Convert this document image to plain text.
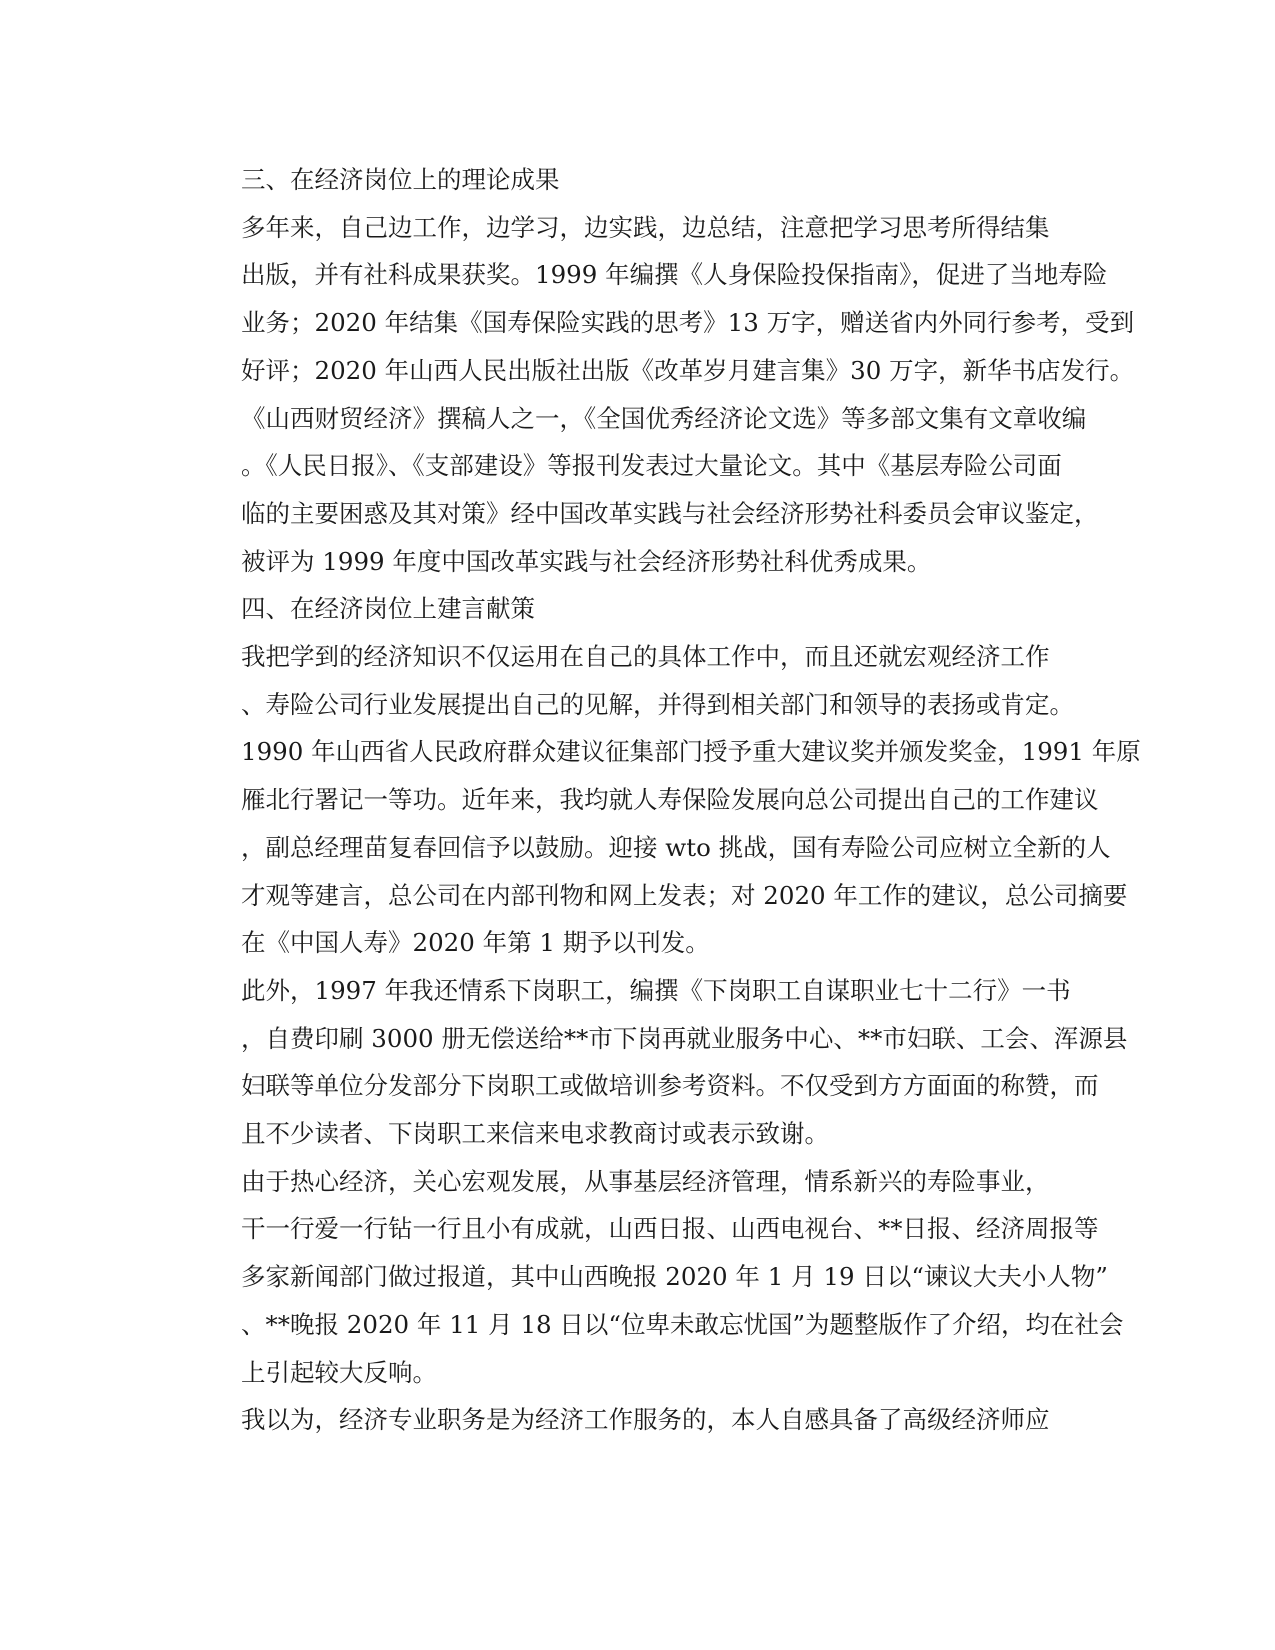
三、在经济岗位上的理论成果

多年来，自己边工作，边学习，边实践，边总结，注意把学习思考所得结集
出版，并有社科成果获奖。1999 年编撰《人身保险投保指南》，促进了当地寿险
业务；2020 年结集《国寿保险实践的思考》13 万字，赠送省内外同行参考，受到
好评；2020 年山西人民出版社出版《改革岁月建言集》30 万字，新华书店发行。
《山西财贸经济》撰稿人之一，《全国优秀经济论文选》等多部文集有文章收编
。《人民日报》、《支部建设》等报刊发表过大量论文。其中《基层寿险公司面
临的主要困惑及其对策》经中国改革实践与社会经济形势社科委员会审议鉴定，
被评为 1999 年度中国改革实践与社会经济形势社科优秀成果。

四、在经济岗位上建言献策

我把学到的经济知识不仅运用在自己的具体工作中，而且还就宏观经济工作
、寿险公司行业发展提出自己的见解，并得到相关部门和领导的表扬或肯定。
1990 年山西省人民政府群众建议征集部门授予重大建议奖并颁发奖金，1991 年原
雁北行署记一等功。近年来，我均就人寿保险发展向总公司提出自己的工作建议
，副总经理苗复春回信予以鼓励。迎接 wto 挑战，国有寿险公司应树立全新的人
才观等建言，总公司在内部刊物和网上发表；对 2020 年工作的建议，总公司摘要
在《中国人寿》2020 年第 1 期予以刊发。

此外，1997 年我还情系下岗职工，编撰《下岗职工自谋职业七十二行》一书
，自费印刷 3000 册无偿送给**市下岗再就业服务中心、**市妇联、工会、浑源县
妇联等单位分发部分下岗职工或做培训参考资料。不仅受到方方面面的称赞，而
且不少读者、下岗职工来信来电求教商讨或表示致谢。

由于热心经济，关心宏观发展，从事基层经济管理，情系新兴的寿险事业，
干一行爱一行钻一行且小有成就，山西日报、山西电视台、**日报、经济周报等
多家新闻部门做过报道，其中山西晚报 2020 年 1 月 19 日以“谏议大夫小人物”
、**晚报 2020 年 11 月 18 日以“位卑未敢忘忧国”为题整版作了介绍，均在社会
上引起较大反响。

我以为，经济专业职务是为经济工作服务的，本人自感具备了高级经济师应
